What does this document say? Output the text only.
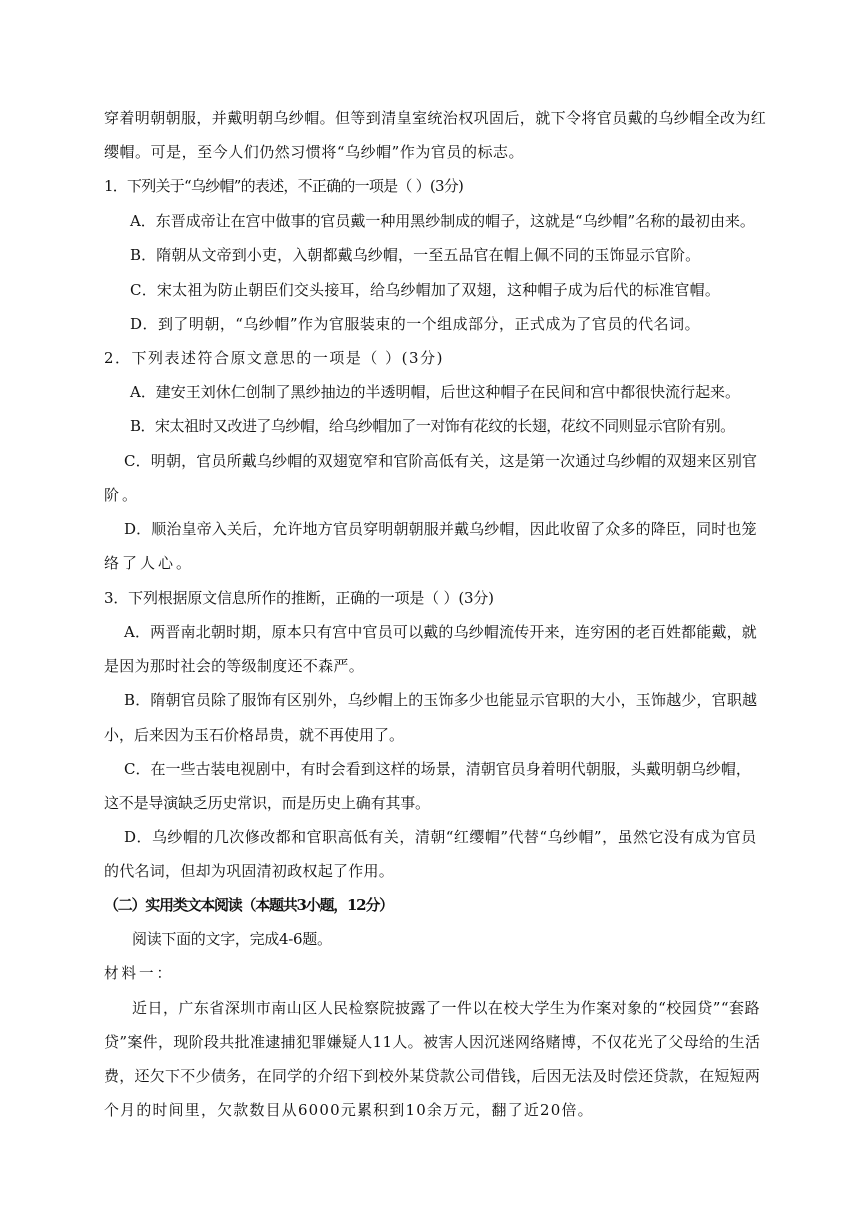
穿着明朝朝服，并戴明朝乌纱帽。但等到清皇室统治权巩固后，就下令将官员戴的乌纱帽全改为红
缨帽。可是，至今人们仍然习惯将“乌纱帽”作为官员的标志。
1．下列关于“乌纱帽”的表述，不正确的一项是（ ）(3分)
A．东晋成帝让在宫中做事的官员戴一种用黑纱制成的帽子，这就是“乌纱帽”名称的最初由来。
B．隋朝从文帝到小吏，入朝都戴乌纱帽，一至五品官在帽上佩不同的玉饰显示官阶。
C．宋太祖为防止朝臣们交头接耳，给乌纱帽加了双翅，这种帽子成为后代的标准官帽。
D．到了明朝，“乌纱帽”作为官服装束的一个组成部分，正式成为了官员的代名词。
2．下列表述符合原文意思的一项是（ ）(3分)
A．建安王刘休仁创制了黑纱抽边的半透明帽，后世这种帽子在民间和宫中都很快流行起来。
B．宋太祖时又改进了乌纱帽，给乌纱帽加了一对饰有花纹的长翅，花纹不同则显示官阶有别。
C．明朝，官员所戴乌纱帽的双翅宽窄和官阶高低有关，这是第一次通过乌纱帽的双翅来区别官
阶。
D．顺治皇帝入关后，允许地方官员穿明朝朝服并戴乌纱帽，因此收留了众多的降臣，同时也笼
络了人心。
3．下列根据原文信息所作的推断，正确的一项是（ ）(3分)
A．两晋南北朝时期，原本只有宫中官员可以戴的乌纱帽流传开来，连穷困的老百姓都能戴，就
是因为那时社会的等级制度还不森严。
B．隋朝官员除了服饰有区别外，乌纱帽上的玉饰多少也能显示官职的大小，玉饰越少，官职越
小，后来因为玉石价格昂贵，就不再使用了。
C．在一些古装电视剧中，有时会看到这样的场景，清朝官员身着明代朝服，头戴明朝乌纱帽，
这不是导演缺乏历史常识，而是历史上确有其事。
D．乌纱帽的几次修改都和官职高低有关，清朝“红缨帽”代替“乌纱帽”，虽然它没有成为官员
的代名词，但却为巩固清初政权起了作用。
（二）实用类文本阅读（本题共3小题，12分）
阅读下面的文字，完成4-6题。
材料一：
近日，广东省深圳市南山区人民检察院披露了一件以在校大学生为作案对象的“校园贷”“套路
贷”案件，现阶段共批准逮捕犯罪嫌疑人11人。被害人因沉迷网络赌博，不仅花光了父母给的生活
费，还欠下不少债务，在同学的介绍下到校外某贷款公司借钱，后因无法及时偿还贷款，在短短两
个月的时间里，欠款数目从6000元累积到10余万元，翻了近20倍。
